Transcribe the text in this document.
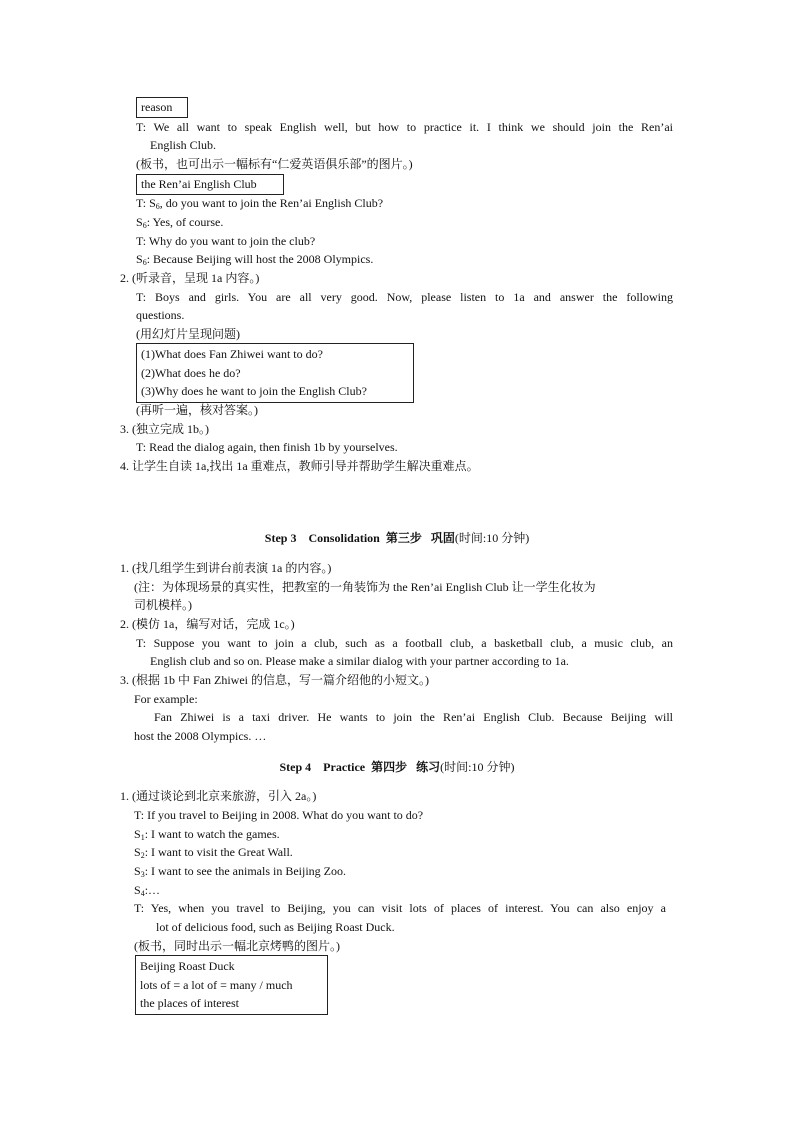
reason
T: We all want to speak English well, but how to practice it. I think we should join the Ren’ai
English Club.
(板书，也可出示一幅标有“仁爱英语俱乐部”的图片。)
the Ren’ai English Club
T: $S_6$, do you want to join the Ren’ai English Club?
$S_6$: Yes, of course.
T: Why do you want to join the club?
$S_6$: Because Beijing will host the 2008 Olympics.
2. (听录音，呈现 1a 内容。)
T: Boys and girls. You are all very good. Now, please listen to 1a and answer the following
questions.
(用幻灯片呈现问题)
(1)What does Fan Zhiwei want to do?
(2)What does he do?
(3)Why does he want to join the English Club?
(再听一遍，核对答案。)
3. (独立完成 1b。)
T: Read the dialog again, then finish 1b by yourselves.
4. 让学生自读 1a,找出 1a 重难点，教师引导并帮助学生解决重难点。
Step 3 Consolidation 第三步 巩固(时间:10 分钟)
1. (找几组学生到讲台前表演 1a 的内容。)
(注：为体现场景的真实性，把教室的一角装饰为 the Ren’ai English Club 让一学生化妆为
司机模样。)
2. (模仿 1a，编写对话，完成 1c。)
T: Suppose you want to join a club, such as a football club, a basketball club, a music club, an
English club and so on. Please make a similar dialog with your partner according to 1a.
3. (根据 1b 中 Fan Zhiwei 的信息，写一篇介绍他的小短文。)
For example:
Fan Zhiwei is a taxi driver. He wants to join the Ren’ai English Club. Because Beijing will
host the 2008 Olympics. …
Step 4 Practice 第四步 练习(时间:10 分钟)
1. (通过谈论到北京来旅游，引入 2a。)
T: If you travel to Beijing in 2008. What do you want to do?
$S_1$: I want to watch the games.
$S_2$: I want to visit the Great Wall.
$S_3$: I want to see the animals in Beijing Zoo.
$S_4:\dots$
T: Yes, when you travel to Beijing, you can visit lots of places of interest. You can also enjoy a
lot of delicious food, such as Beijing Roast Duck.
(板书，同时出示一幅北京烤鸭的图片。)
Beijing Roast Duck
lots of = a lot of = many / much
the places of interest
